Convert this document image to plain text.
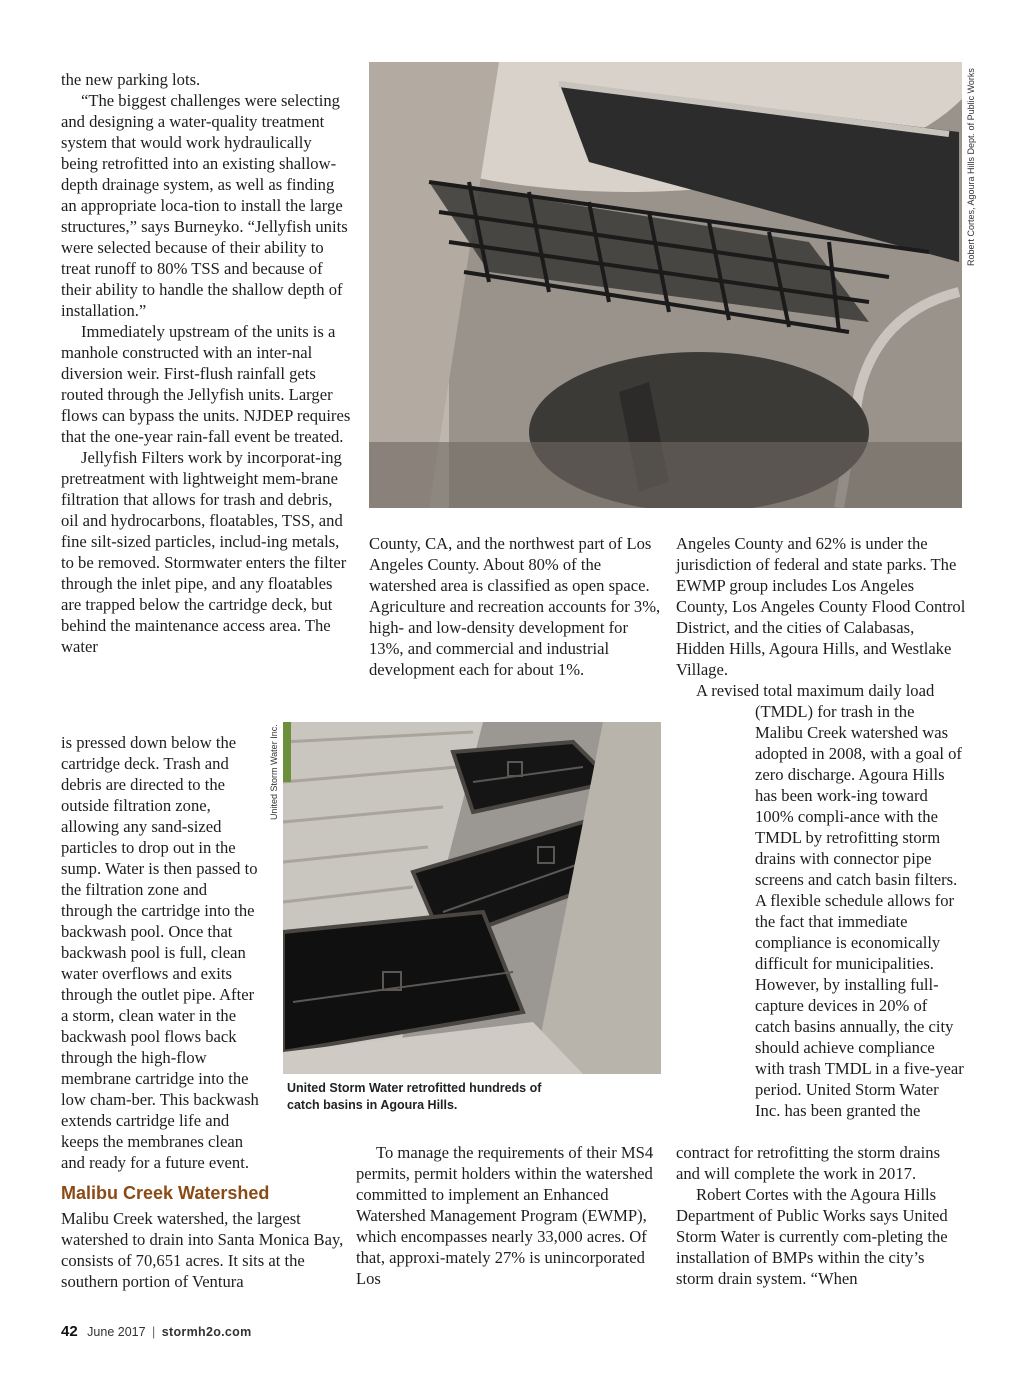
the new parking lots.

“The biggest challenges were selecting and designing a water-quality treatment system that would work hydraulically being retrofitted into an existing shallow-depth drainage system, as well as finding an appropriate loca-tion to install the large structures,” says Burneyko. “Jellyfish units were selected because of their ability to treat runoff to 80% TSS and because of their ability to handle the shallow depth of installation.”

Immediately upstream of the units is a manhole constructed with an inter-nal diversion weir. First-flush rainfall gets routed through the Jellyfish units. Larger flows can bypass the units. NJDEP requires that the one-year rain-fall event be treated.

Jellyfish Filters work by incorporat-ing pretreatment with lightweight mem-brane filtration that allows for trash and debris, oil and hydrocarbons, floatables, TSS, and fine silt-sized particles, includ-ing metals, to be removed. Stormwater enters the filter through the inlet pipe, and any floatables are trapped below the cartridge deck, but behind the maintenance access area. The water

is pressed down below the cartridge deck. Trash and debris are directed to the outside filtration zone, allowing any sand-sized particles to drop out in the sump. Water is then passed to the filtration zone and through the cartridge into the backwash pool. Once that backwash pool is full, clean water overflows and exits through the outlet pipe. After a storm, clean water in the backwash pool flows back through the high-flow membrane cartridge into the low cham-ber. This backwash extends cartridge life and keeps the membranes clean and ready for a future event.

Malibu Creek Watershed

Malibu Creek watershed, the largest watershed to drain into Santa Monica Bay, consists of 70,651 acres. It sits at the southern portion of Ventura

Robert Cortes, Agoura Hills Dept. of Public Works

County, CA, and the northwest part of Los Angeles County. About 80% of the watershed area is classified as open space. Agriculture and recreation accounts for 3%, high- and low-density development for 13%, and commercial and industrial development each for about 1%.

Angeles County and 62% is under the jurisdiction of federal and state parks. The EWMP group includes Los Angeles County, Los Angeles County Flood Control District, and the cities of Calabasas, Hidden Hills, Agoura Hills, and Westlake Village.

A revised total maximum daily load

(TMDL) for trash in the Malibu Creek watershed was adopted in 2008, with a goal of zero discharge. Agoura Hills has been work-ing toward 100% compli-ance with the TMDL by retrofitting storm drains with connector pipe screens and catch basin filters. A flexible schedule allows for the fact that immediate compliance is economically difficult for municipalities. However, by installing full-capture devices in 20% of catch basins annually, the city should achieve compliance with trash TMDL in a five-year period. United Storm Water Inc. has been granted the

United Storm Water Inc.
United Storm Water retrofitted hundreds of catch basins in Agoura Hills.

To manage the requirements of their MS4 permits, permit holders within the watershed committed to implement an Enhanced Watershed Management Program (EWMP), which encompasses nearly 33,000 acres. Of that, approxi-mately 27% is unincorporated Los

contract for retrofitting the storm drains and will complete the work in 2017.

Robert Cortes with the Agoura Hills Department of Public Works says United Storm Water is currently com-pleting the installation of BMPs within the city’s storm drain system. “When

42 June 2017 | stormh2o.com
